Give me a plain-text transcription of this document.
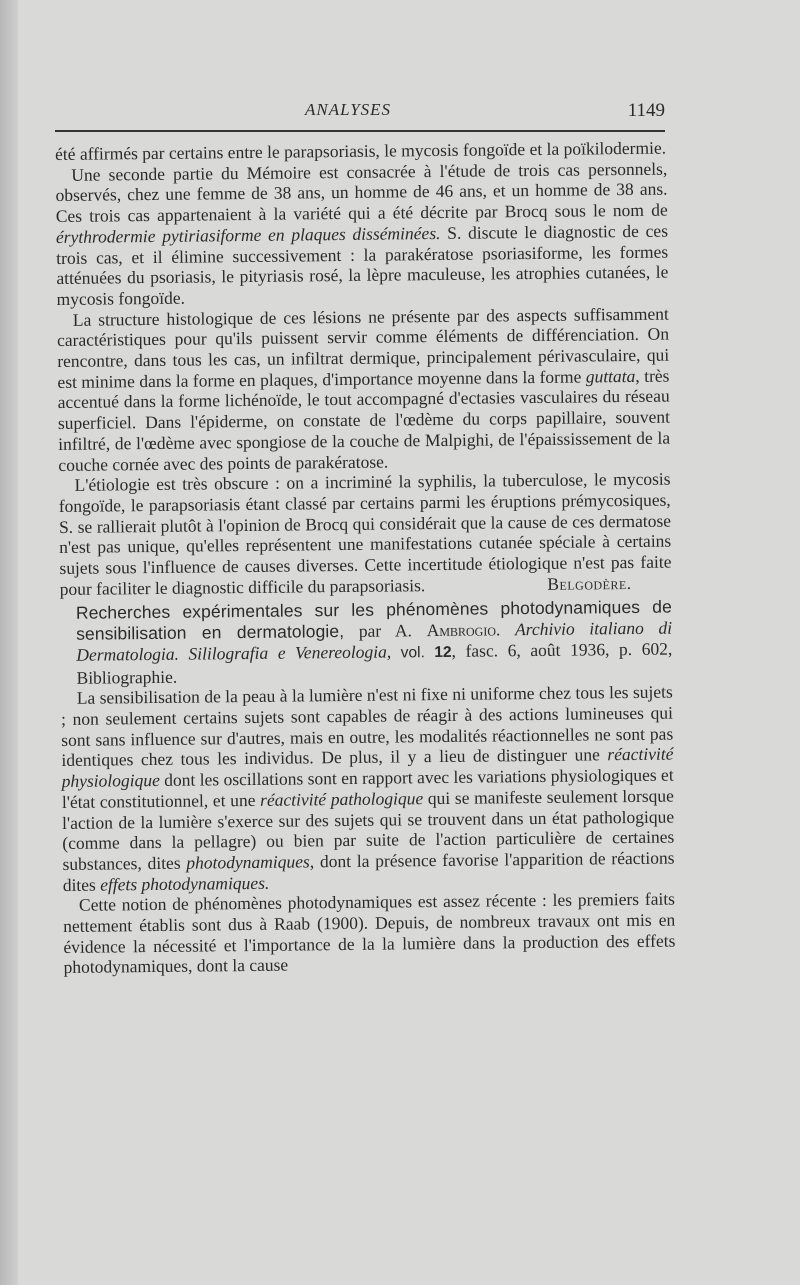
ANALYSES	1149

été affirmés par certains entre le parapsoriasis, le mycosis fongoïde et la poïkilodermie.

Une seconde partie du Mémoire est consacrée à l'étude de trois cas personnels, observés, chez une femme de 38 ans, un homme de 46 ans, et un homme de 38 ans. Ces trois cas appartenaient à la variété qui a été décrite par Brocq sous le nom de érythrodermie pytiriasiforme en plaques disséminées. S. discute le diagnostic de ces trois cas, et il élimine successivement : la parakératose psoriasiforme, les formes atténuées du psoriasis, le pityriasis rosé, la lèpre maculeuse, les atrophies cutanées, le mycosis fongoïde.

La structure histologique de ces lésions ne présente par des aspects suffisamment caractéristiques pour qu'ils puissent servir comme éléments de différenciation. On rencontre, dans tous les cas, un infiltrat dermique, principalement périvasculaire, qui est minime dans la forme en plaques, d'importance moyenne dans la forme guttata, très accentué dans la forme lichénoïde, le tout accompagné d'ectasies vasculaires du réseau superficiel. Dans l'épiderme, on constate de l'œdème du corps papillaire, souvent infiltré, de l'œdème avec spongiose de la couche de Malpighi, de l'épaississement de la couche cornée avec des points de parakératose.

L'étiologie est très obscure : on a incriminé la syphilis, la tuberculose, le mycosis fongoïde, le parapsoriasis étant classé par certains parmi les éruptions prémycosiques, S. se rallierait plutôt à l'opinion de Brocq qui considérait que la cause de ces dermatose n'est pas unique, qu'elles représentent une manifestations cutanée spéciale à certains sujets sous l'influence de causes diverses. Cette incertitude étiologique n'est pas faite pour faciliter le diagnostic difficile du parapsoriasis.	Belgodère.

Recherches expérimentales sur les phénomènes photodynamiques de sensibilisation en dermatologie, par A. Ambrogio. Archivio italiano di Dermatologia. Sililografia e Venereologia, vol. 12, fasc. 6, août 1936, p. 602, Bibliographie.

La sensibilisation de la peau à la lumière n'est ni fixe ni uniforme chez tous les sujets ; non seulement certains sujets sont capables de réagir à des actions lumineuses qui sont sans influence sur d'autres, mais en outre, les modalités réactionnelles ne sont pas identiques chez tous les individus. De plus, il y a lieu de distinguer une réactivité physiologique dont les oscillations sont en rapport avec les variations physiologiques et l'état constitutionnel, et une réactivité pathologique qui se manifeste seulement lorsque l'action de la lumière s'exerce sur des sujets qui se trouvent dans un état pathologique (comme dans la pellagre) ou bien par suite de l'action particulière de certaines substances, dites photodynamiques, dont la présence favorise l'apparition de réactions dites effets photodynamiques.

Cette notion de phénomènes photodynamiques est assez récente : les premiers faits nettement établis sont dus à Raab (1900). Depuis, de nombreux travaux ont mis en évidence la nécessité et l'importance de la la lumière dans la production des effets photodynamiques, dont la cause
